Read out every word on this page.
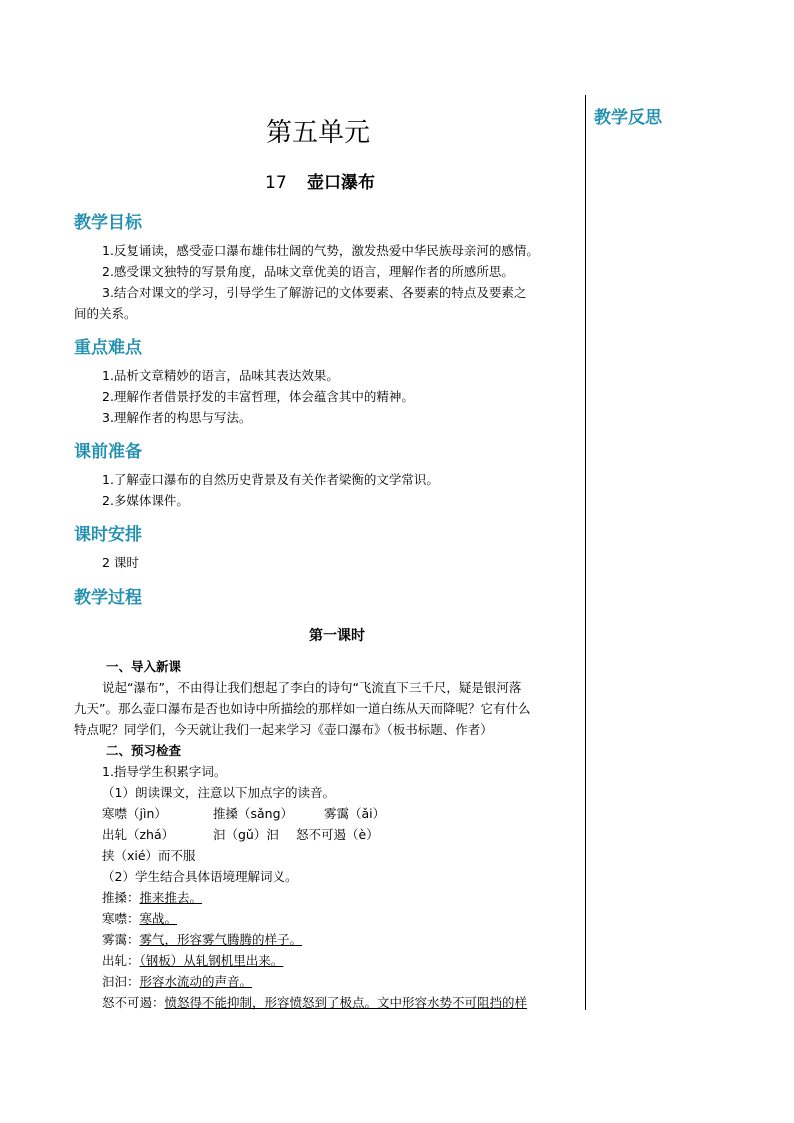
教学反思
第五单元
17 壶口瀑布
教学目标
1.反复诵读，感受壶口瀑布雄伟壮阔的气势，激发热爱中华民族母亲河的感情。
2.感受课文独特的写景角度，品味文章优美的语言，理解作者的所感所思。
3.结合对课文的学习，引导学生了解游记的文体要素、各要素的特点及要素之
间的关系。
重点难点
1.品析文章精妙的语言，品味其表达效果。
2.理解作者借景抒发的丰富哲理，体会蕴含其中的精神。
3.理解作者的构思与写法。
课前准备
1.了解壶口瀑布的自然历史背景及有关作者梁衡的文学常识。
2.多媒体课件。
课时安排
2 课时
教学过程
第一课时
一、导入新课
说起“瀑布”，不由得让我们想起了李白的诗句“飞流直下三千尺，疑是银河落
九天”。那么壶口瀑布是否也如诗中所描绘的那样如一道白练从天而降呢？它有什么
特点呢？同学们，今天就让我们一起来学习《壶口瀑布》（板书标题、作者）
二、预习检查
1.指导学生积累字词。
（1）朗读课文，注意以下加点字的读音。
寒噤（jìn）	推搡（sǎng） 雾霭（ǎi）
出轧（zhá）	汩（gǔ）汩 怒不可遏（è）
挟（xié）而不服
（2）学生结合具体语境理解词义。
推搡：推来推去。
寒噤：寒战。
雾霭：雾气，形容雾气腾腾的样子。
出轧：（钢板）从轧钢机里出来。
汩汩：形容水流动的声音。
怒不可遏：愤怒得不能抑制，形容愤怒到了极点。文中形容水势不可阻挡的样
